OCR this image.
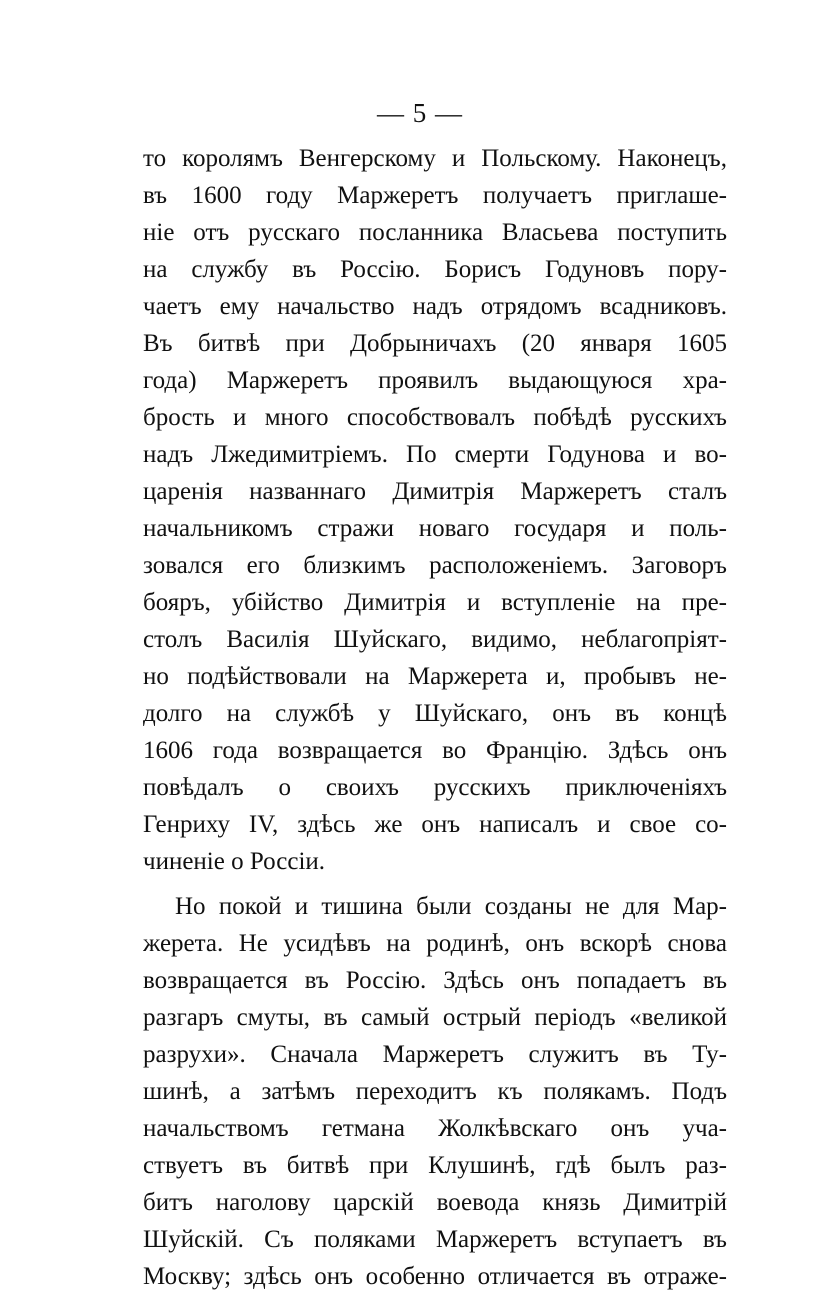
— 5 —
то королямъ Венгерскому и Польскому. Наконецъ,
въ 1600 году Маржеретъ получаетъ приглаше-
ніе отъ русскаго посланника Власьева поступить
на службу въ Россію. Борисъ Годуновъ пору-
чаетъ ему начальство надъ отрядомъ всадниковъ.
Въ битвѣ при Добрыничахъ (20 января 1605
года) Маржеретъ проявилъ выдающуюся хра-
брость и много способствовалъ побѣдѣ русскихъ
надъ Лжедимитріемъ. По смерти Годунова и во-
царенія названнаго Димитрія Маржеретъ сталъ
начальникомъ стражи новаго государя и поль-
зовался его близкимъ расположеніемъ. Заговоръ
бояръ, убійство Димитрія и вступленіе на пре-
столъ Василія Шуйскаго, видимо, неблагопріят-
но подѣйствовали на Маржерета и, пробывъ не-
долго на службѣ у Шуйскаго, онъ въ концѣ
1606 года возвращается во Францію. Здѣсь онъ
повѣдалъ о своихъ русскихъ приключеніяхъ
Генриху IV, здѣсь же онъ написалъ и свое со-
чиненіе о Россіи.
Но покой и тишина были созданы не для Мар-
жерета. Не усидѣвъ на родинѣ, онъ вскорѣ снова
возвращается въ Россію. Здѣсь онъ попадаетъ въ
разгаръ смуты, въ самый острый періодъ «великой
разрухи». Сначала Маржеретъ служитъ въ Ту-
шинѣ, а затѣмъ переходитъ къ полякамъ. Подъ
начальствомъ гетмана Жолкѣвскаго онъ уча-
ствуетъ въ битвѣ при Клушинѣ, гдѣ былъ раз-
битъ наголову царскій воевода князь Димитрій
Шуйскій. Съ поляками Маржеретъ вступаетъ въ
Москву; здѣсь онъ особенно отличается въ отраже-
